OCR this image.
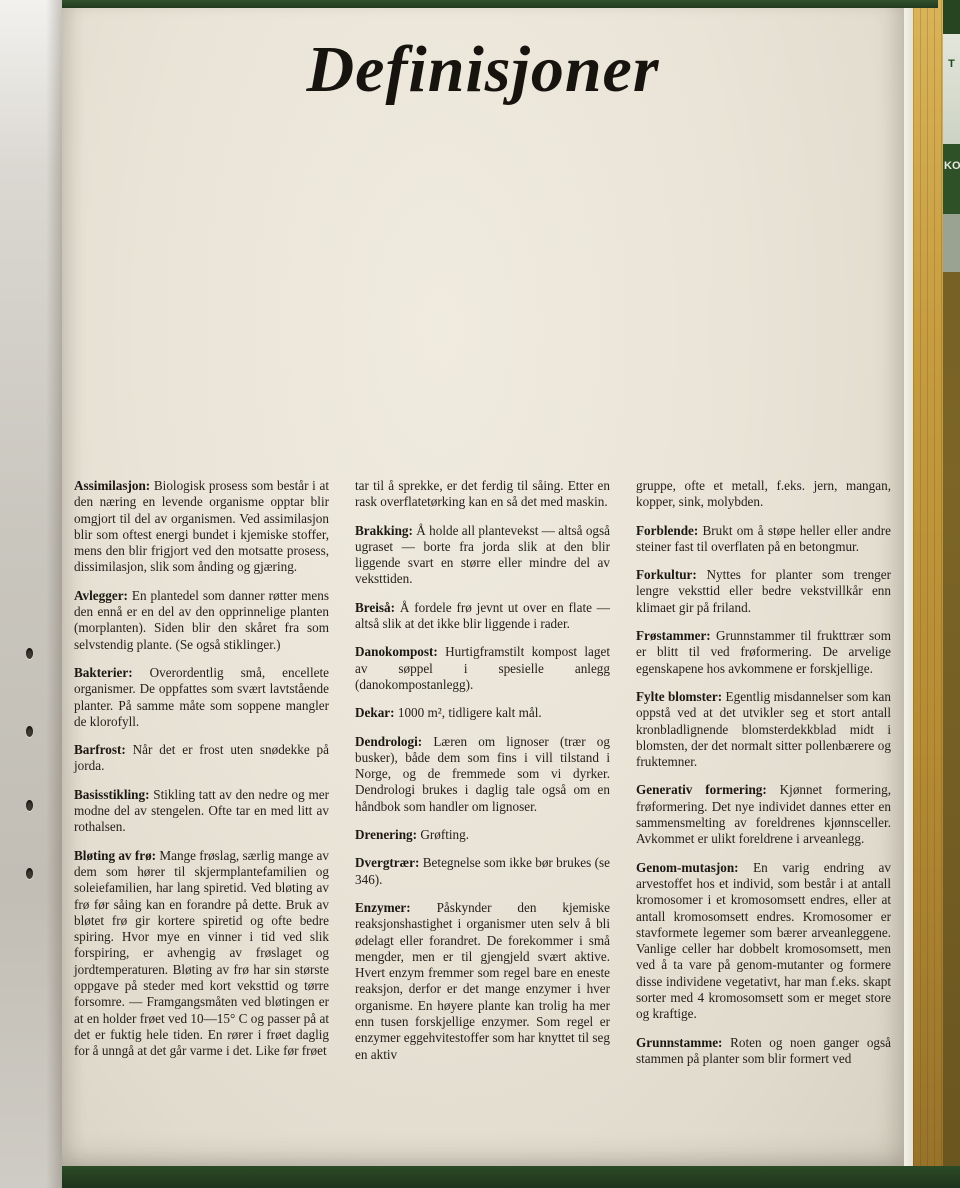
Definisjoner

Assimilasjon: Biologisk prosess som består i at den næring en levende organisme opptar blir omgjort til del av organismen. Ved assimilasjon blir som oftest energi bundet i kjemiske stoffer, mens den blir frigjort ved den motsatte prosess, dissimilasjon, slik som ånding og gjæring.

Avlegger: En plantedel som danner røtter mens den ennå er en del av den opprinnelige planten (morplanten). Siden blir den skåret fra som selvstendig plante. (Se også stiklinger.)

Bakterier: Overordentlig små, encellete organismer. De oppfattes som svært lavtstående planter. På samme måte som soppene mangler de klorofyll.

Barfrost: Når det er frost uten snødekke på jorda.

Basisstikling: Stikling tatt av den nedre og mer modne del av stengelen. Ofte tar en med litt av rothalsen.

Bløting av frø: Mange frøslag, særlig mange av dem som hører til skjermplantefamilien og soleiefamilien, har lang spiretid. Ved bløting av frø før såing kan en forandre på dette. Bruk av bløtet frø gir kortere spiretid og ofte bedre spiring. Hvor mye en vinner i tid ved slik forspiring, er avhengig av frøslaget og jordtemperaturen. Bløting av frø har sin største oppgave på steder med kort veksttid og tørre forsomre. — Framgangsmåten ved bløtingen er at en holder frøet ved 10—15° C og passer på at det er fuktig hele tiden. En rører i frøet daglig for å unngå at det går varme i det. Like før frøet

tar til å sprekke, er det ferdig til såing. Etter en rask overflatetørking kan en så det med maskin.

Brakking: Å holde all plantevekst — altså også ugraset — borte fra jorda slik at den blir liggende svart en større eller mindre del av veksttiden.

Breiså: Å fordele frø jevnt ut over en flate — altså slik at det ikke blir liggende i rader.

Danokompost: Hurtigframstilt kompost laget av søppel i spesielle anlegg (danokompostanlegg).

Dekar: 1000 m², tidligere kalt mål.

Dendrologi: Læren om lignoser (trær og busker), både dem som fins i vill tilstand i Norge, og de fremmede som vi dyrker. Dendrologi brukes i daglig tale også om en håndbok som handler om lignoser.

Drenering: Grøfting.

Dvergtrær: Betegnelse som ikke bør brukes (se 346).

Enzymer: Påskynder den kjemiske reaksjonshastighet i organismer uten selv å bli ødelagt eller forandret. De forekommer i små mengder, men er til gjengjeld svært aktive. Hvert enzym fremmer som regel bare en eneste reaksjon, derfor er det mange enzymer i hver organisme. En høyere plante kan trolig ha mer enn tusen forskjellige enzymer. Som regel er enzymer eggehvitestoffer som har knyttet til seg en aktiv

gruppe, ofte et metall, f.eks. jern, mangan, kopper, sink, molybden.

Forblende: Brukt om å støpe heller eller andre steiner fast til overflaten på en betongmur.

Forkultur: Nyttes for planter som trenger lengre veksttid eller bedre vekstvillkår enn klimaet gir på friland.

Frøstammer: Grunnstammer til frukttrær som er blitt til ved frøformering. De arvelige egenskapene hos avkommene er forskjellige.

Fylte blomster: Egentlig misdannelser som kan oppstå ved at det utvikler seg et stort antall kronbladlignende blomsterdekkblad midt i blomsten, der det normalt sitter pollenbærere og fruktemner.

Generativ formering: Kjønnet formering, frøformering. Det nye individet dannes etter en sammensmelting av foreldrenes kjønnsceller. Avkommet er ulikt foreldrene i arveanlegg.

Genom-mutasjon: En varig endring av arvestoffet hos et individ, som består i at antall kromosomer i et kromosomsett endres, eller at antall kromosomsett endres. Kromosomer er stavformete legemer som bærer arveanleggene. Vanlige celler har dobbelt kromosomsett, men ved å ta vare på genom-mutanter og formere disse individene vegetativt, har man f.eks. skapt sorter med 4 kromosomsett som er meget store og kraftige.

Grunnstamme: Roten og noen ganger også stammen på planter som blir formert ved

T
KO
